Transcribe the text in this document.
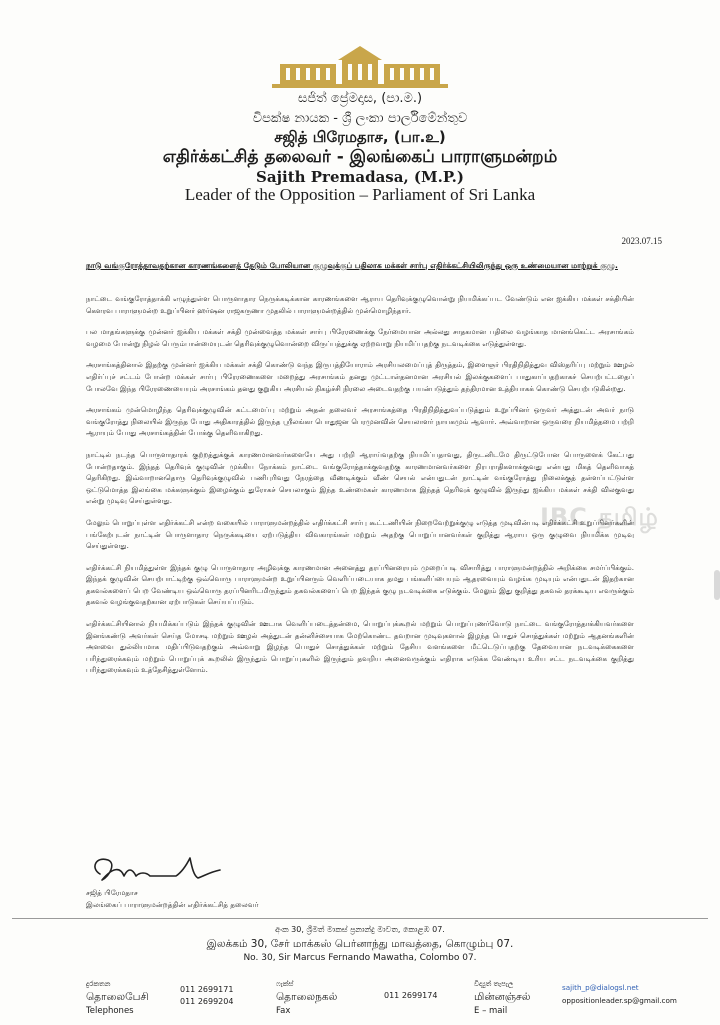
සජිත් ප්‍රේමදාස, (පා.ම.)
විපක්ෂ නායක - ශ්‍රී ලංකා පාර්ලිමේන්තුව
சஜித் பிரேமதாச, (பா.உ)
எதிர்க்கட்சித் தலைவர் - இலங்கைப் பாராளுமன்றம்
Sajith Premadasa, (M.P.)
Leader of the Opposition – Parliament of Sri Lanka
2023.07.15
நாடு வங்குரோத்தாவதற்கான காரணங்களைத் தேடும் போலியான குழுவுக்குப் பதிலாக மக்கள் சார்பு எதிர்க்கட்சியிலிருந்து ஒரு உண்மையான மாற்றுக் குழு.

நாட்டை வங்குரோத்தாக்கி எழுந்துள்ள பொருளாதார நெருக்கடிக்கான காரணங்களை ஆராய தெரிவுக்குழுவொன்று நியமிக்கப்பட வேண்டும் என ஐக்கிய மக்கள் சக்தியின் கௌரவ பாராளுமன்ற உறுப்பினர் ஹர்ஷன ராஜகருணா முதலில் பாராளுமன்றத்தில் முன்மொழிந்தார்.

பல மாதங்களுக்கு முன்னர் ஐக்கிய மக்கள் சக்தி முன்வைத்த மக்கள் சார்பு பிரேரணைக்கு நேர்மையான அல்லது சாதகமான பதிலை வழங்காத மானங்கெட்ட அரசாங்கம் வழமை போன்று நிழல் பெரும்பான்மையுடன் தெரிவுக்குழுவொன்றை விருப்பத்துக்கு ஏற்றவாறு நியமிப்பதற்கு நடவடிக்கை எடுத்துள்ளது.

அரசாங்கத்தினால் இதற்கு முன்னர் ஐக்கிய மக்கள் சக்தி கொண்டு வந்த இருபத்தியோராம் அரசியலமைப்புத் திருத்தம், இளைஞர் பிரதிநிதித்துவ விஸ்தரிப்பு மற்றும் ஊழல் எதிர்ப்புச் சட்டம் போன்ற மக்கள் சார்பு பிரேரணைகளை மறைத்து அரசாங்கம் தனது முட்டாள்தனமான அரசியல் இலக்குகளைப் பாதுகாப்பதற்காகச் செயற்பட்டதைப் போலவே இந்த பிரேரணையையும் அரசாங்கம் தனது குறுகிய அரசியல் நிகழ்ச்சி நிரலை அடைவதற்கு பயன்படுத்தும் தந்திரமான உத்தியாகக் கொண்டு செயற்படுகின்றது.

அரசாங்கம் முன்மொழிந்த தெரிவுக்குழுவின் கட்டமைப்பு மற்றும் அதன் தலைவர் அரசாங்கத்தை பிரதிநிதித்துவப்படுத்தும் உறுப்பினர் ஒருவர் அத்துடன் அவர் நாடு வங்குரோத்து நிலையில் இருந்த போது அதிகாரத்தில் இருந்த ஸ்ரீலங்கா பொதுஜன பெரமுனவின் செயலாளர் நாயகமும் ஆவார். அவ்வாறான ஒருவரை நியமித்தமை பற்றி ஆராயும் போது அரசாங்கத்தின் போக்கு தெளிவாகிறது.

நாட்டில் நடந்த பொருளாதாரக் குற்றத்துக்குக் காரணமானவர்களையே அது பற்றி ஆராய்வதற்கு நியமிப்பதாவது, திருடனிடமே திருட்டுபோன பொருளைக் கேட்பது போன்றதாகும். இந்தத் தெரிவுக் குழுவின் முக்கிய நோக்கம் நாட்டை வங்குரோத்தாக்குவதற்கு காரணமானவர்களை நிரபராதிகளாக்குவது என்பது மிகத் தெளிவாகத் தெரிகிறது. இவ்வாறானதொரு தெரிவுக்குழுவில் பணிபுரிவது நேரத்தை வீணடிக்கும் வீண் செயல் என்பதுடன் நாட்டின் வங்குரோத்து நிலைக்குத் தள்ளப்பட்டுள்ள ஒட்டுமொத்த இலங்கை மக்களுக்கும் இழைக்கும் துரோகச் செயலாகும் இந்த உண்மைகள் காரணமாக இந்தத் தெரிவுக் குழுவில் இருந்து ஐக்கிய மக்கள் சக்தி விலகுவது என்று முடிவு செய்துள்ளது.

மேலும் பொறுப்புள்ள எதிர்க்கட்சி என்ற வகையில் பாராளுமன்றத்தில் எதிர்க்கட்சி சார்பு கூட்டணியின் நிறைவேற்றுக்குழு எடுத்த முடிவின்படி எதிர்க்கட்சி உறுப்பினர்களின் பங்கேற்புடன் நாட்டின் பொருளாதார நெருக்கடியை ஏற்படுத்திய விவகாரங்கள் மற்றும் அதற்கு பொறுப்பானவர்கள் குறித்து ஆராய ஒரு குழுவை நியமிக்க முடிவு செய்துள்ளது.

எதிர்க்கட்சி நியமித்துள்ள இந்தக் குழு பொருளாதார அழிவுக்கு காரணமான அனைத்து தரப்பினரையும் முறைப்படி விசாரித்து பாராளுமன்றத்தில் அறிக்கை சமர்ப்பிக்கும். இந்தக் குழுவின் செயற்பாட்டிற்கு ஒவ்வொரு பாராளுமன்ற உறுப்பினரும் வெளிப்படையாக தமது பங்களிப்பையும் ஆதரவையும் வழங்க முடியும் என்பதுடன் இதற்கான தகவல்களைப் பெற வேண்டிய ஒவ்வொரு தரப்பினரிடமிருந்தும் தகவல்களைப் பெற இந்தக் குழு நடவடிக்கை எடுக்கும். மேலும் இது குறித்து தகவல் தரக்கூடிய எவருக்கும் தகவல் வழங்குவதற்கான ஏற்பாடுகள் செய்யப்படும்.

எதிர்க்கட்சியினால் நியமிக்கப்படும் இந்தக் குழுவின் ஊடாக வெளிப்படைத்தன்மை, பொறுப்புக்கூறல் மற்றும் பொறுப்புணர்வோடு நாட்டை வங்குரோத்தாக்கியவர்களை இனங்கண்டு அவர்கள் செய்த மோசடி மற்றும் ஊழல் அத்துடன் தன்னிச்சையாக மேற்கொண்ட தவறான முடிவுகளால் இழந்த பொதுச் சொத்துக்கள் மற்றும் ஆதனங்களின் அளவை துல்லியமாக மதிப்பிடுவதற்கும் அவ்வாறு இழந்த பொதுச் சொத்துக்கள் மற்றும் தேசிய வளங்களை மீட்டெடுப்பதற்கு தேவையான நடவடிக்கைகளை பரிந்துரைக்கவும் மற்றும் பொறுப்புக் கூறலில் இருந்தும் பொறுப்புகளில் இருந்தும் தவறிய அனைவருக்கும் எதிராக எடுக்க வேண்டிய உரிய சட்ட நடவடிக்கை குறித்து பரிந்துரைக்கவும் உத்தேசித்துள்ளோம்.

சஜித் பிரேமதாச
இலங்கைப் பாராளுமன்றத்தின் எதிர்க்கட்சித் தலைவர்
අංක 30, ශ්‍රීමත් මාකස් ප්‍රනාන්දු මාවත, කොළඹ 07.
இலக்கம் 30, சேர் மாக்கஸ் பெர்னாந்து மாவத்தை, கொழும்பு 07.
No. 30, Sir Marcus Fernando Mawatha, Colombo 07.
දුරකතන
தொலைபேசி
Telephones
011 2699171
011 2699204
ෆැක්ස්
தொலைநகல்
Fax
011 2699174
විද්‍යුත් තැපැල
மின்னஞ்சல்
E – mail
sajith_p@dialogsl.net
oppositionleader.sp@gmail.com
IBC தமிழ்
